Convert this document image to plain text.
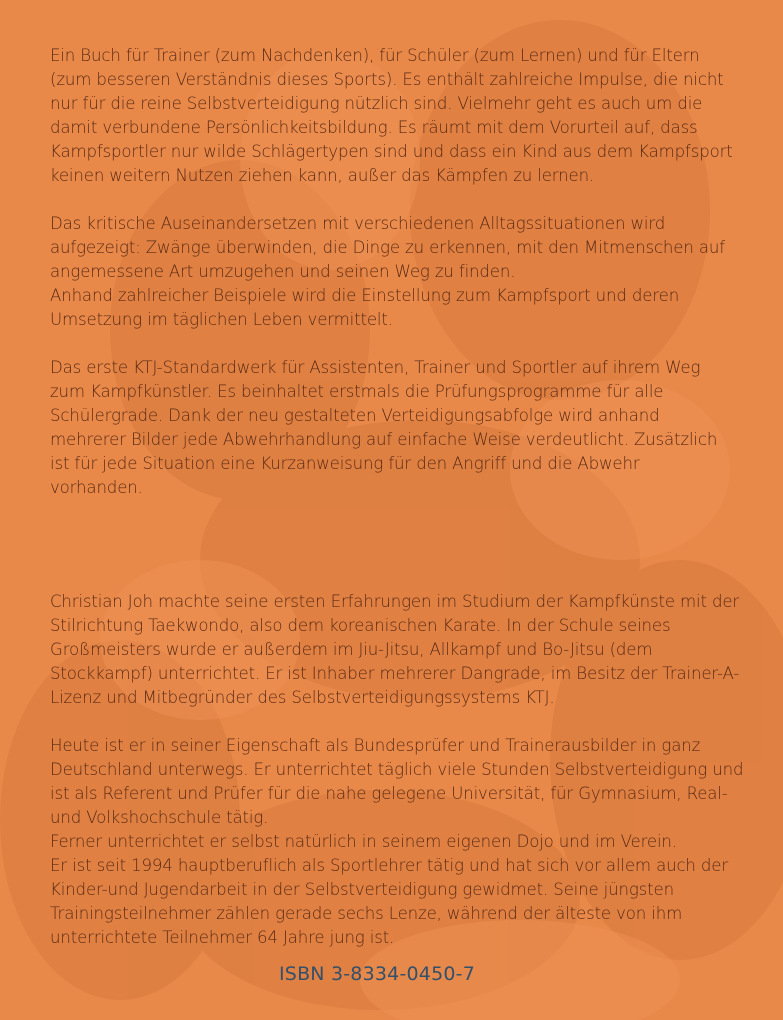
Ein Buch für Trainer (zum Nachdenken), für Schüler (zum Lernen) und für Eltern
(zum besseren Verständnis dieses Sports). Es enthält zahlreiche Impulse, die nicht
nur für die reine Selbstverteidigung nützlich sind. Vielmehr geht es auch um die
damit verbundene Persönlichkeitsbildung. Es räumt mit dem Vorurteil auf, dass
Kampfsportler nur wilde Schlägertypen sind und dass ein Kind aus dem Kampfsport
keinen weitern Nutzen ziehen kann, außer das Kämpfen zu lernen.

Das kritische Auseinandersetzen mit verschiedenen Alltagssituationen wird
aufgezeigt: Zwänge überwinden, die Dinge zu erkennen, mit den Mitmenschen auf
angemessene Art umzugehen und seinen Weg zu finden.
Anhand zahlreicher Beispiele wird die Einstellung zum Kampfsport und deren
Umsetzung im täglichen Leben vermittelt.

Das erste KTJ-Standardwerk für Assistenten, Trainer und Sportler auf ihrem Weg
zum Kampfkünstler. Es beinhaltet erstmals die Prüfungsprogramme für alle
Schülergrade. Dank der neu gestalteten Verteidigungsabfolge wird anhand
mehrerer Bilder jede Abwehrhandlung auf einfache Weise verdeutlicht. Zusätzlich
ist für jede Situation eine Kurzanweisung für den Angriff und die Abwehr
vorhanden.

Christian Joh machte seine ersten Erfahrungen im Studium der Kampfkünste mit der
Stilrichtung Taekwondo, also dem koreanischen Karate. In der Schule seines
Großmeisters wurde er außerdem im Jiu-Jitsu, Allkampf und Bo-Jitsu (dem
Stockkampf) unterrichtet. Er ist Inhaber mehrerer Dangrade, im Besitz der Trainer-A-
Lizenz und Mitbegründer des Selbstverteidigungssystems KTJ.

Heute ist er in seiner Eigenschaft als Bundesprüfer und Trainerausbilder in ganz
Deutschland unterwegs. Er unterrichtet täglich viele Stunden Selbstverteidigung und
ist als Referent und Prüfer für die nahe gelegene Universität, für Gymnasium, Real-
und Volkshochschule tätig.
Ferner unterrichtet er selbst natürlich in seinem eigenen Dojo und im Verein.
Er ist seit 1994 hauptberuflich als Sportlehrer tätig und hat sich vor allem auch der
Kinder-und Jugendarbeit in der Selbstverteidigung gewidmet. Seine jüngsten
Trainingsteilnehmer zählen gerade sechs Lenze, während der älteste von ihm
unterrichtete Teilnehmer 64 Jahre jung ist.

ISBN 3-8334-0450-7
